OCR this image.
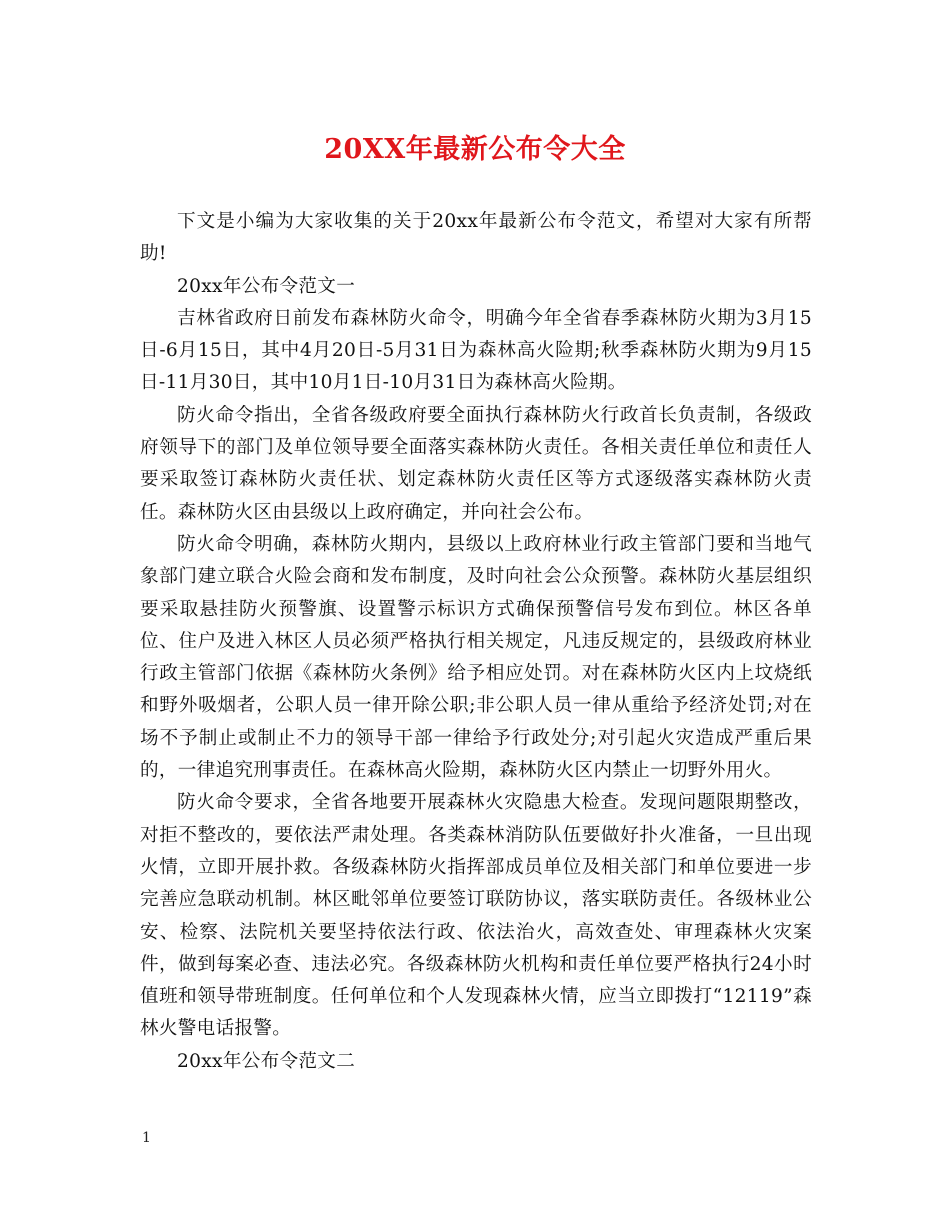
20XX年最新公布令大全

下文是小编为大家收集的关于20xx年最新公布令范文，希望对大家有所帮助!

20xx年公布令范文一

吉林省政府日前发布森林防火命令，明确今年全省春季森林防火期为3月15日-6月15日，其中4月20日-5月31日为森林高火险期;秋季森林防火期为9月15日-11月30日，其中10月1日-10月31日为森林高火险期。

防火命令指出，全省各级政府要全面执行森林防火行政首长负责制，各级政府领导下的部门及单位领导要全面落实森林防火责任。各相关责任单位和责任人要采取签订森林防火责任状、划定森林防火责任区等方式逐级落实森林防火责任。森林防火区由县级以上政府确定，并向社会公布。

防火命令明确，森林防火期内，县级以上政府林业行政主管部门要和当地气象部门建立联合火险会商和发布制度，及时向社会公众预警。森林防火基层组织要采取悬挂防火预警旗、设置警示标识方式确保预警信号发布到位。林区各单位、住户及进入林区人员必须严格执行相关规定，凡违反规定的，县级政府林业行政主管部门依据《森林防火条例》给予相应处罚。对在森林防火区内上坟烧纸和野外吸烟者，公职人员一律开除公职;非公职人员一律从重给予经济处罚;对在场不予制止或制止不力的领导干部一律给予行政处分;对引起火灾造成严重后果的，一律追究刑事责任。在森林高火险期，森林防火区内禁止一切野外用火。

防火命令要求，全省各地要开展森林火灾隐患大检查。发现问题限期整改，对拒不整改的，要依法严肃处理。各类森林消防队伍要做好扑火准备，一旦出现火情，立即开展扑救。各级森林防火指挥部成员单位及相关部门和单位要进一步完善应急联动机制。林区毗邻单位要签订联防协议，落实联防责任。各级林业公安、检察、法院机关要坚持依法行政、依法治火，高效查处、审理森林火灾案件，做到每案必查、违法必究。各级森林防火机构和责任单位要严格执行24小时值班和领导带班制度。任何单位和个人发现森林火情，应当立即拨打“12119”森林火警电话报警。

20xx年公布令范文二

1
